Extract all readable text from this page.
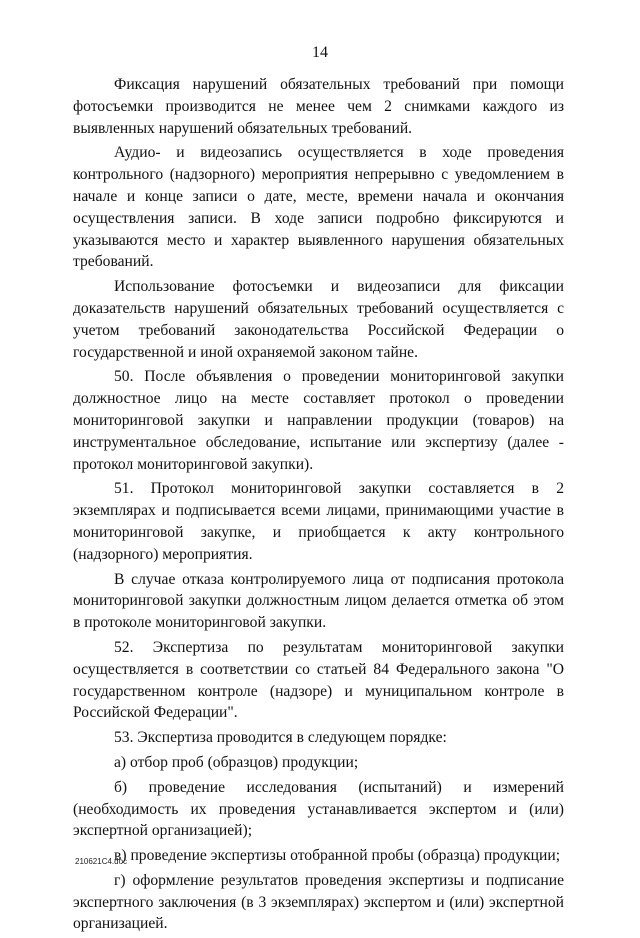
14

Фиксация нарушений обязательных требований при помощи фотосъемки производится не менее чем 2 снимками каждого из выявленных нарушений обязательных требований.

Аудио- и видеозапись осуществляется в ходе проведения контрольного (надзорного) мероприятия непрерывно с уведомлением в начале и конце записи о дате, месте, времени начала и окончания осуществления записи. В ходе записи подробно фиксируются и указываются место и характер выявленного нарушения обязательных требований.

Использование фотосъемки и видеозаписи для фиксации доказательств нарушений обязательных требований осуществляется с учетом требований законодательства Российской Федерации о государственной и иной охраняемой законом тайне.

50. После объявления о проведении мониторинговой закупки должностное лицо на месте составляет протокол о проведении мониторинговой закупки и направлении продукции (товаров) на инструментальное обследование, испытание или экспертизу (далее - протокол мониторинговой закупки).

51. Протокол мониторинговой закупки составляется в 2 экземплярах и подписывается всеми лицами, принимающими участие в мониторинговой закупке, и приобщается к акту контрольного (надзорного) мероприятия.

В случае отказа контролируемого лица от подписания протокола мониторинговой закупки должностным лицом делается отметка об этом в протоколе мониторинговой закупки.

52. Экспертиза по результатам мониторинговой закупки осуществляется в соответствии со статьей 84 Федерального закона "О государственном контроле (надзоре) и муниципальном контроле в Российской Федерации".

53. Экспертиза проводится в следующем порядке:

а) отбор проб (образцов) продукции;

б) проведение исследования (испытаний) и измерений (необходимость их проведения устанавливается экспертом и (или) экспертной организацией);

в) проведение экспертизы отобранной пробы (образца) продукции;

г) оформление результатов проведения экспертизы и подписание экспертного заключения (в 3 экземплярах) экспертом и (или) экспертной организацией.

210621C4.doc
